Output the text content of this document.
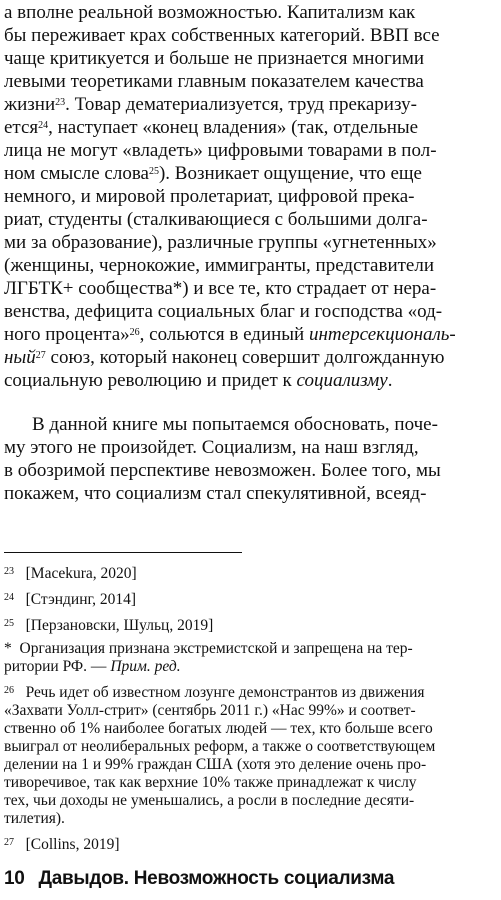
а вполне реальной возможностью. Капитализм как
бы переживает крах собственных категорий. ВВП все
чаще критикуется и больше не признается многими
левыми теоретиками главным показателем качества
жизни$^{23}$. Товар дематериализуется, труд прекаризу-
ется$^{24}$, наступает «конец владения» (так, отдельные
лица не могут «владеть» цифровыми товарами в пол-
ном смысле слова$^{25}$). Возникает ощущение, что еще
немного, и мировой пролетариат, цифровой прека-
риат, студенты (сталкивающиеся с большими долга-
ми за образование), различные группы «угнетенных»
(женщины, чернокожие, иммигранты, представители
ЛГБТК+ сообщества*) и все те, кто страдает от нера-
венства, дефицита социальных благ и господства «од-
ного процента»$^{26}$, сольются в единый интерсекциональ-
ный$^{27}$ союз, который наконец совершит долгожданную
социальную революцию и придет к социализму.
В данной книге мы попытаемся обосновать, поче-
му этого не произойдет. Социализм, на наш взгляд,
в обозримой перспективе невозможен. Более того, мы
покажем, что социализм стал спекулятивной, всеяд-
$^{23}$ [Macekura, 2020]
$^{24}$ [Стэндинг, 2014]
$^{25}$ [Перзановски, Шульц, 2019]
* Организация признана экстремистской и запрещена на тер-
ритории РФ. — Прим. ред.
$^{26}$ Речь идет об известном лозунге демонстрантов из движения
«Захвати Уолл-стрит» (сентябрь 2011 г.) «Нас 99%» и соответ-
ственно об 1% наиболее богатых людей — тех, кто больше всего
выиграл от неолиберальных реформ, а также о соответствующем
делении на 1 и 99% граждан США (хотя это деление очень про-
тиворечивое, так как верхние 10% также принадлежат к числу
тех, чьи доходы не уменьшались, а росли в последние десяти-
тилетия).
$^{27}$ [Collins, 2019]
10 Давыдов. Невозможность социализма
